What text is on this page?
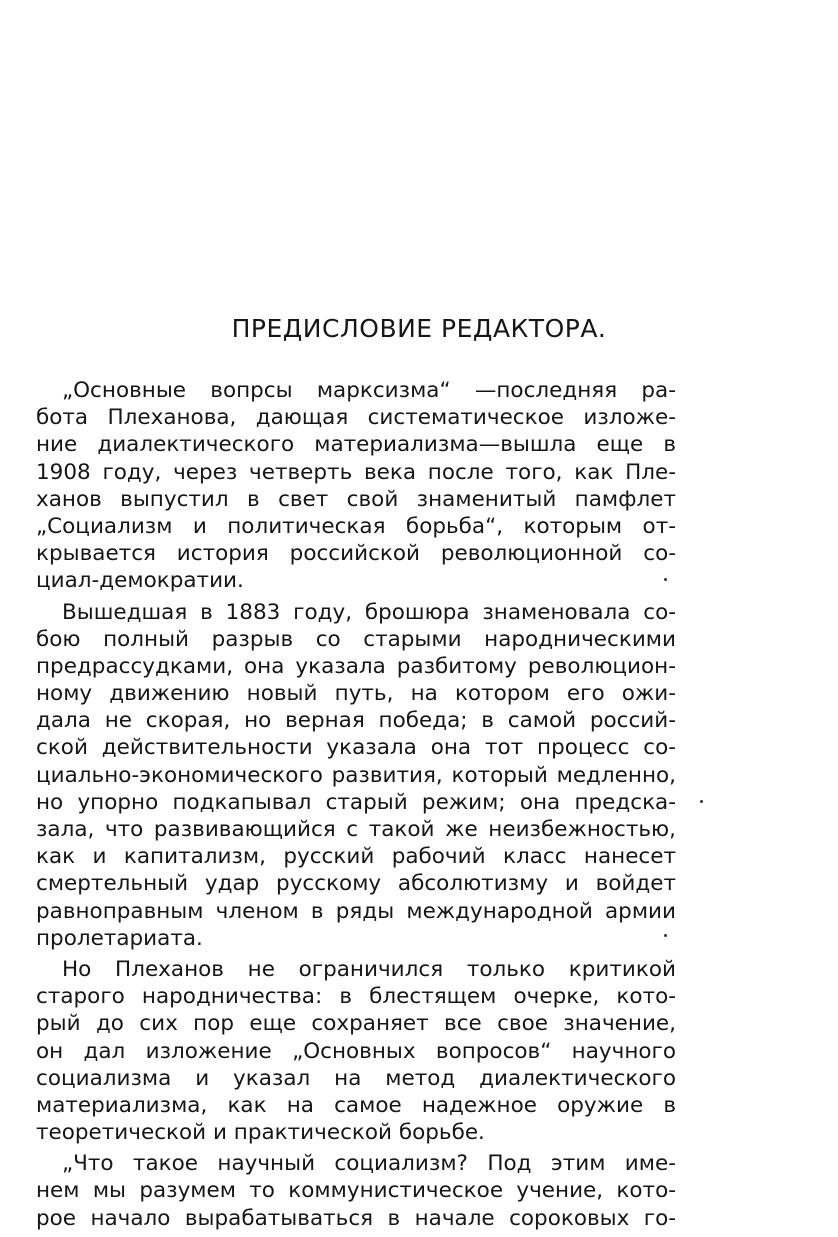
ПРЕДИСЛОВИЕ РЕДАКТОРА.
„Основные вопрсы марксизма“ —последняя ра-
бота Плеханова, дающая систематическое изложе-
ние диалектического материализма—вышла еще в
1908 году, через четверть века после того, как Пле-
ханов выпустил в свет свой знаменитый памфлет
„Социализм и политическая борьба“, которым от-
крывается история российской революционной со-
циал-демократии.
Вышедшая в 1883 году, брошюра знаменовала со-
бою полный разрыв со старыми народническими
предрассудками, она указала разбитому революцион-
ному движению новый путь, на котором его ожи-
дала не скорая, но верная победа; в самой россий-
ской действительности указала она тот процесс со-
циально-экономического развития, который медленно,
но упорно подкапывал старый режим; она предска-
зала, что развивающийся с такой же неизбежностью,
как и капитализм, русский рабочий класс нанесет
смертельный удар русскому абсолютизму и войдет
равноправным членом в ряды международной армии
пролетариата.
Но Плеханов не ограничился только критикой
старого народничества: в блестящем очерке, кото-
рый до сих пор еще сохраняет все свое значение,
он дал изложение „Основных вопросов“ научного
социализма и указал на метод диалектического
материализма, как на самое надежное оружие в
теоретической и практической борьбе.
„Что такое научный социализм? Под этим име-
нем мы разумем то коммунистическое учение, кото-
рое начало вырабатываться в начале сороковых го-
